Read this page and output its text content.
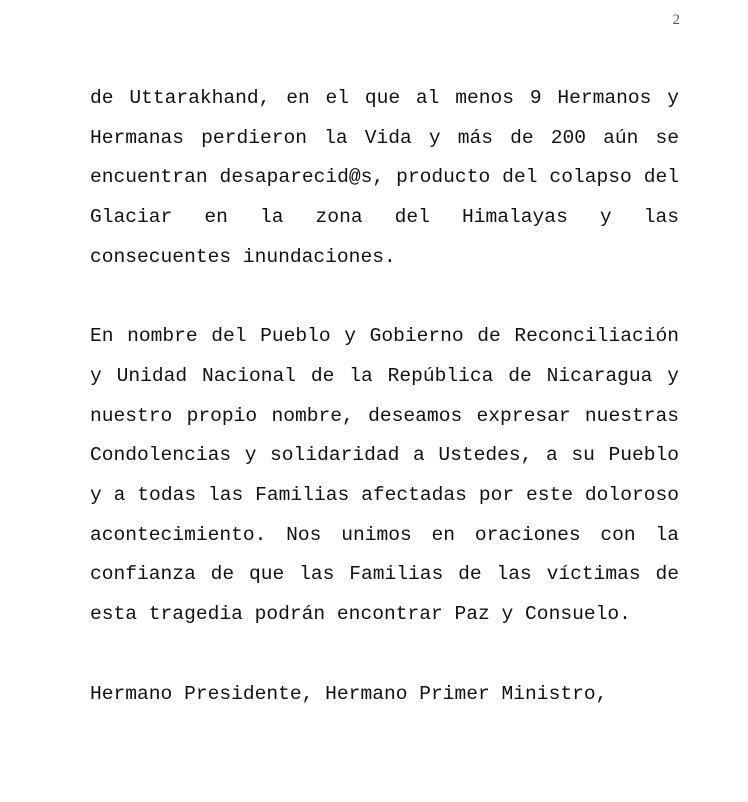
2

de Uttarakhand, en el que al menos 9 Hermanos y Hermanas perdieron la Vida y más de 200 aún se encuentran desaparecid@s, producto del colapso del Glaciar en la zona del Himalayas y las consecuentes inundaciones.

En nombre del Pueblo y Gobierno de Reconciliación y Unidad Nacional de la República de Nicaragua y nuestro propio nombre, deseamos expresar nuestras Condolencias y solidaridad a Ustedes, a su Pueblo y a todas las Familias afectadas por este doloroso acontecimiento. Nos unimos en oraciones con la confianza de que las Familias de las víctimas de esta tragedia podrán encontrar Paz y Consuelo.

Hermano Presidente, Hermano Primer Ministro,
